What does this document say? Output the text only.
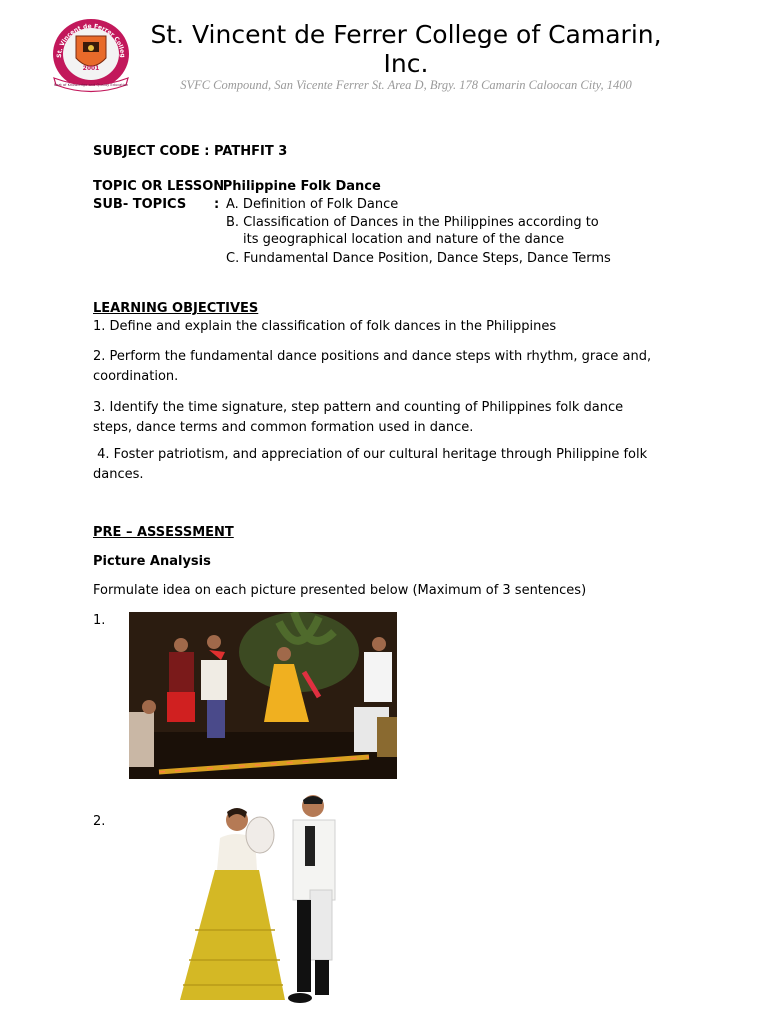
St. Vincent de Ferrer Colleg
2001
Seat of Knowledge and Quality Education
St. Vincent de Ferrer College of Camarin, Inc.
SVFC Compound, San Vicente Ferrer St. Area D, Brgy. 178 Camarin Caloocan City, 1400
SUBJECT CODE : PATHFIT 3
TOPIC OR LESSON
: Philippine Folk Dance
SUB- TOPICS : A. Definition of Folk Dance
B. Classification of Dances in the Philippines according to
its geographical location and nature of the dance
C. Fundamental Dance Position, Dance Steps, Dance Terms
LEARNING OBJECTIVES
1. Define and explain the classification of folk dances in the Philippines
2. Perform the fundamental dance positions and dance steps with rhythm, grace and, coordination.
3. Identify the time signature, step pattern and counting of Philippines folk dance steps, dance terms and common formation used in dance.
4. Foster patriotism, and appreciation of our cultural heritage through Philippine folk dances.
PRE – ASSESSMENT
Picture Analysis
Formulate idea on each picture presented below (Maximum of 3 sentences)
1.
2.
